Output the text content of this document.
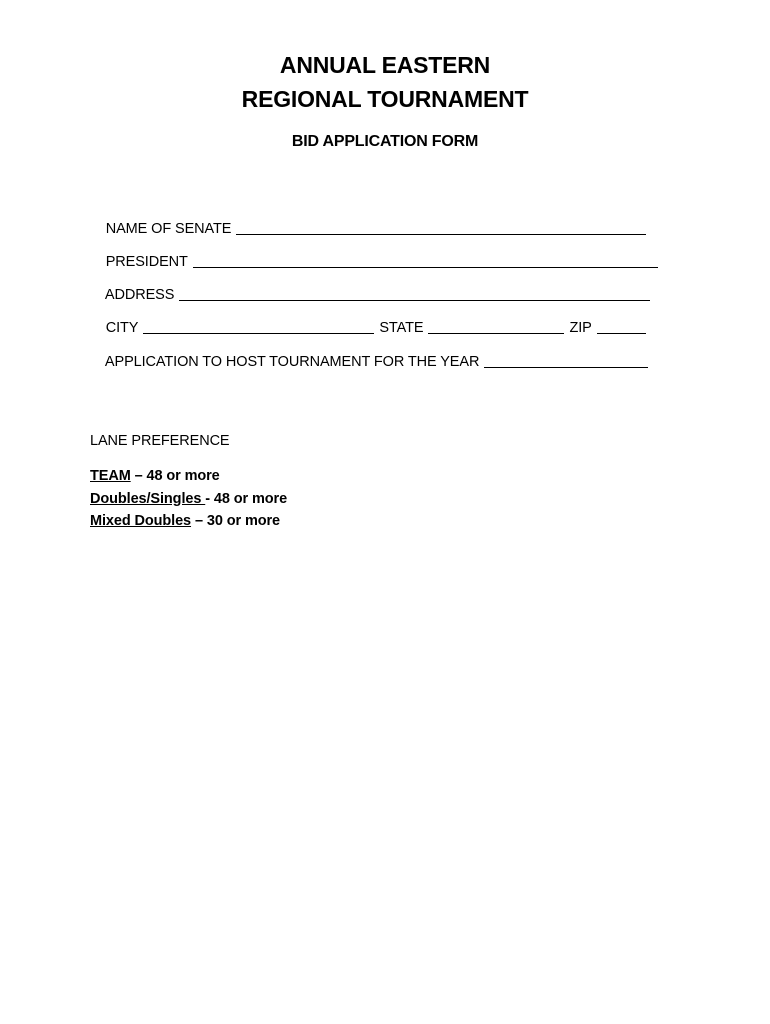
ANNUAL EASTERN
REGIONAL TOURNAMENT
BID APPLICATION FORM

NAME OF SENATE

PRESIDENT

ADDRESS

CITY	STATE	ZIP

APPLICATION TO HOST TOURNAMENT FOR THE YEAR

LANE PREFERENCE
TEAM – 48 or more
Doubles/Singles - 48 or more
Mixed Doubles – 30 or more
